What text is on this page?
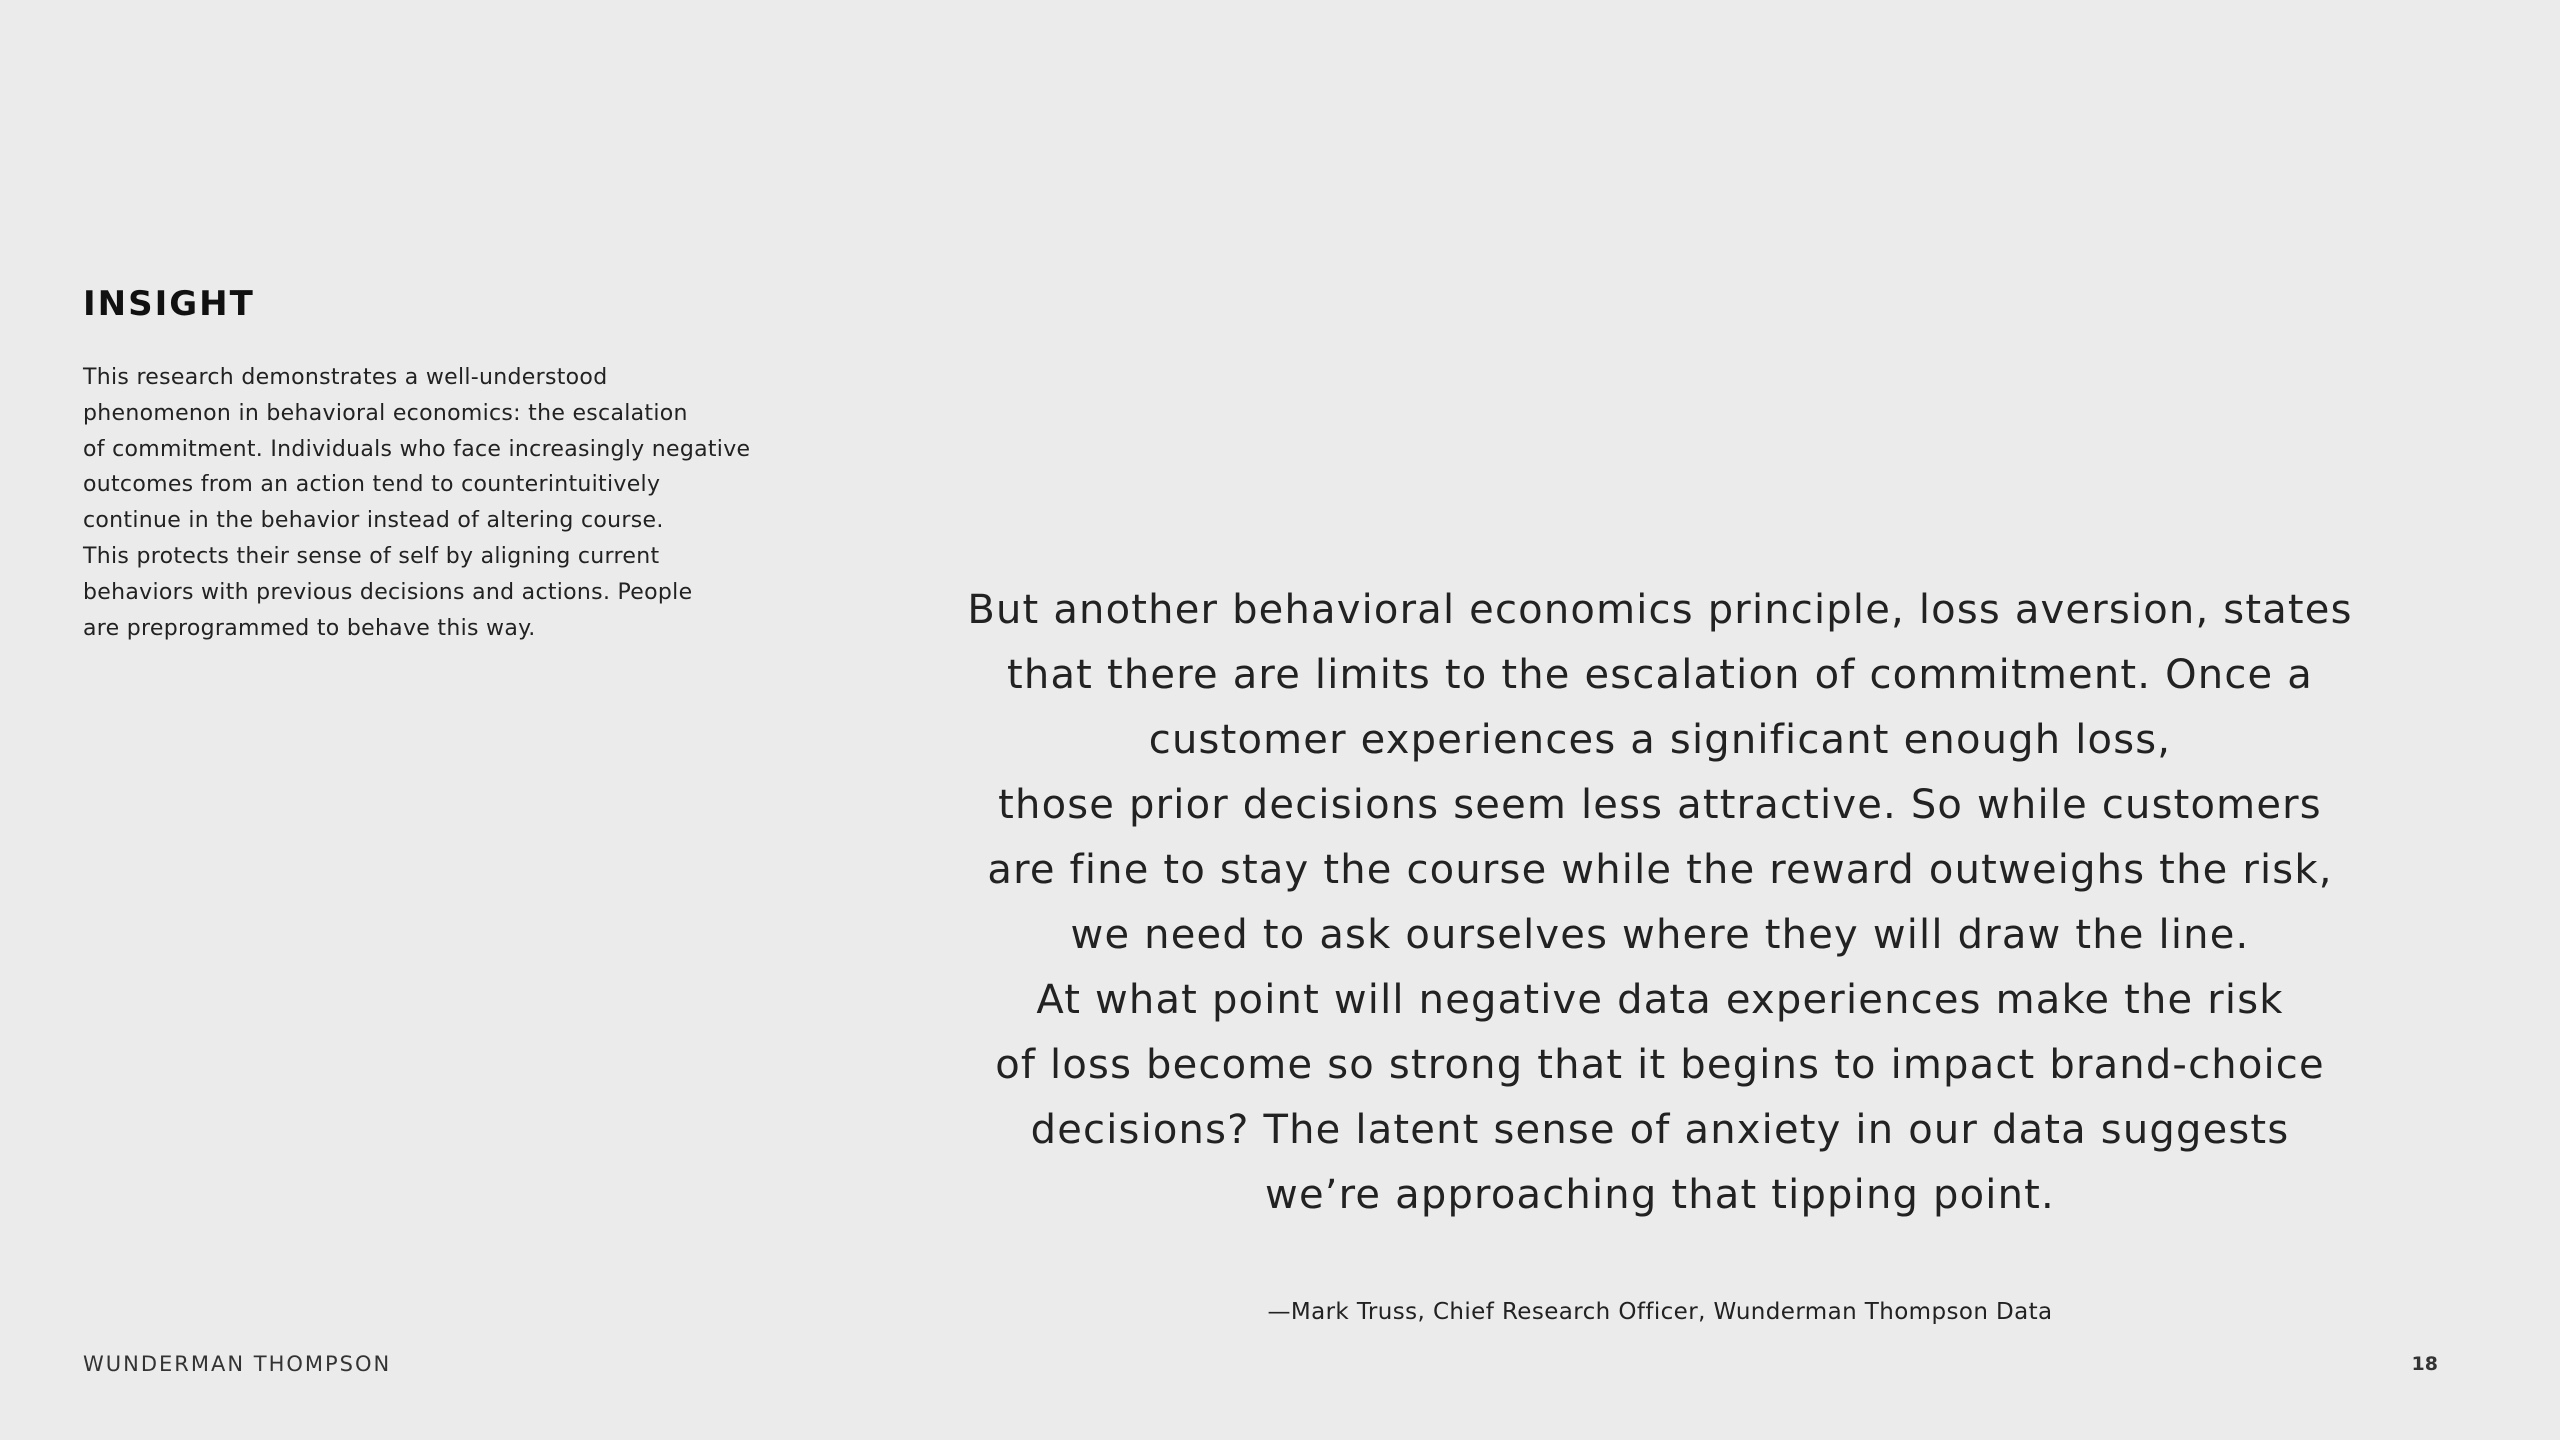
INSIGHT

This research demonstrates a well-understood
phenomenon in behavioral economics: the escalation
of commitment. Individuals who face increasingly negative
outcomes from an action tend to counterintuitively
continue in the behavior instead of altering course.
This protects their sense of self by aligning current
behaviors with previous decisions and actions. People
are preprogrammed to behave this way.	But another behavioral economics principle, loss aversion, states
that there are limits to the escalation of commitment. Once a
customer experiences a significant enough loss,
those prior decisions seem less attractive. So while customers
are fine to stay the course while the reward outweighs the risk,
we need to ask ourselves where they will draw the line.
At what point will negative data experiences make the risk
of loss become so strong that it begins to impact brand-choice
decisions? The latent sense of anxiety in our data suggests
we’re approaching that tipping point.

—Mark Truss, Chief Research Officer, Wunderman Thompson Data

WUNDERMAN THOMPSON	18
